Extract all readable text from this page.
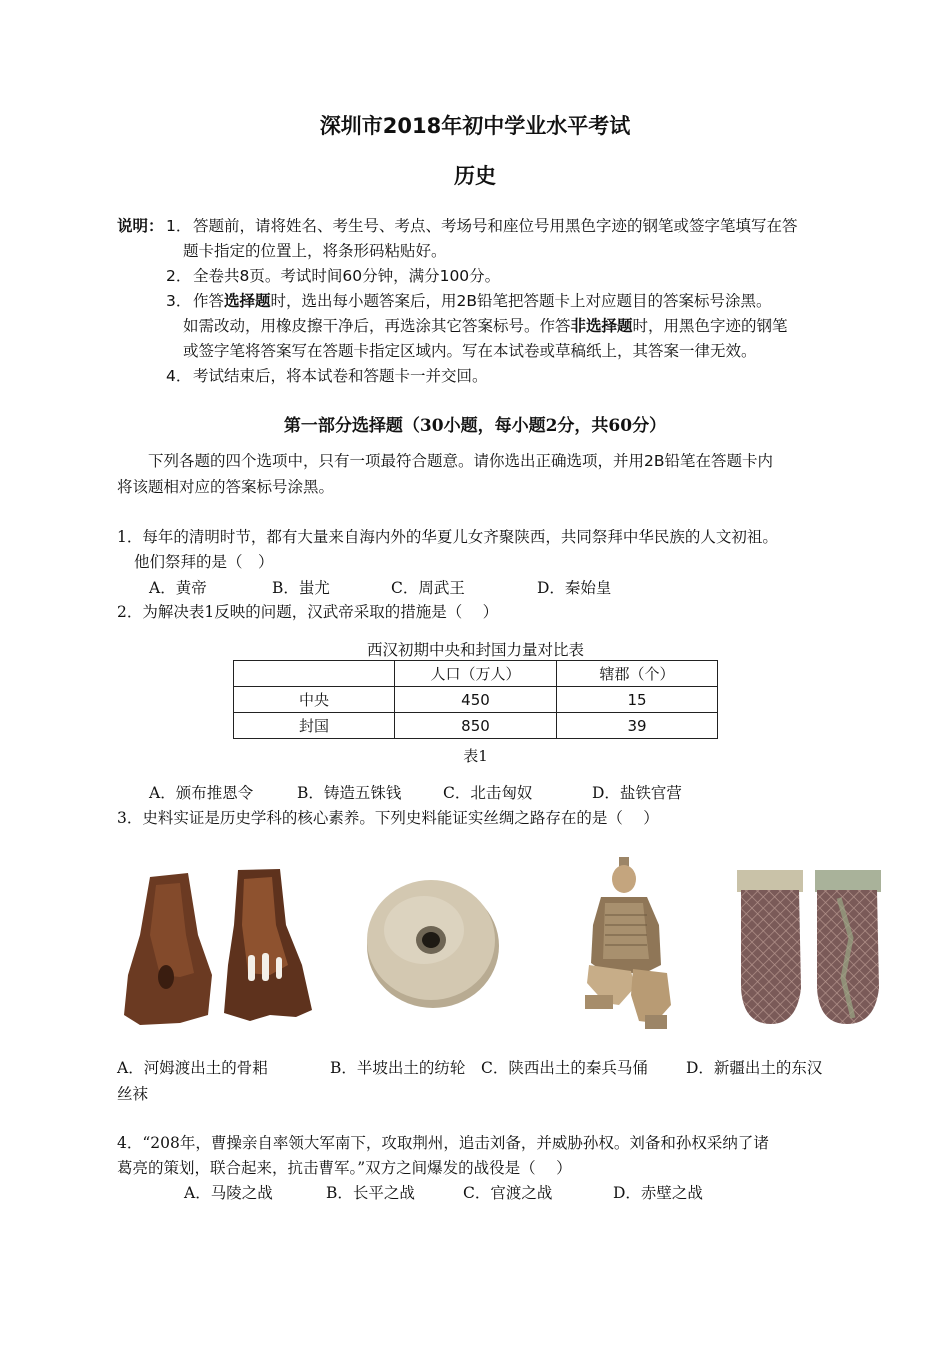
深圳市2018年初中学业水平考试
历史
说明： 1． 答题前，请将姓名、考生号、考点、考场号和座位号用黑色字迹的钢笔或签字笔填写在答
题卡指定的位置上，将条形码粘贴好。
2． 全卷共8页。考试时间60分钟，满分100分。
3． 作答选择题时，选出每小题答案后，用2B铅笔把答题卡上对应题目的答案标号涂黑。
如需改动，用橡皮擦干净后，再选涂其它答案标号。作答非选择题时，用黑色字迹的钢笔
或签字笔将答案写在答题卡指定区域内。写在本试卷或草稿纸上，其答案一律无效。
4． 考试结束后，将本试卷和答题卡一并交回。
第一部分选择题（30小题，每小题2分，共60分）
下列各题的四个选项中，只有一项最符合题意。请你选出正确选项，并用2B铅笔在答题卡内
将该题相对应的答案标号涂黑。
1．每年的清明时节，都有大量来自海内外的华夏儿女齐聚陕西，共同祭拜中华民族的人文初祖。
他们祭拜的是（　）
A．黄帝	B．蚩尤	C．周武王	D．秦始皇
2．为解决表1反映的问题，汉武帝采取的措施是（　 ）
西汉初期中央和封国力量对比表
	人口（万人）	辖郡（个）
中央	450	15
封国	850	39
表1
A．颁布推恩令	B．铸造五铢钱	C．北击匈奴	D．盐铁官营
3．史料实证是历史学科的核心素养。下列史料能证实丝绸之路存在的是（　 ）
A．河姆渡出土的骨耜	B．半坡出土的纺轮 C．陕西出土的秦兵马俑 D．新疆出土的东汉
丝袜
4．“208年，曹操亲自率领大军南下，攻取荆州，追击刘备，并威胁孙权。刘备和孙权采纳了诸
葛亮的策划，联合起来，抗击曹军。”双方之间爆发的战役是（　 ）
A．马陵之战	B．长平之战	C．官渡之战	D．赤壁之战
